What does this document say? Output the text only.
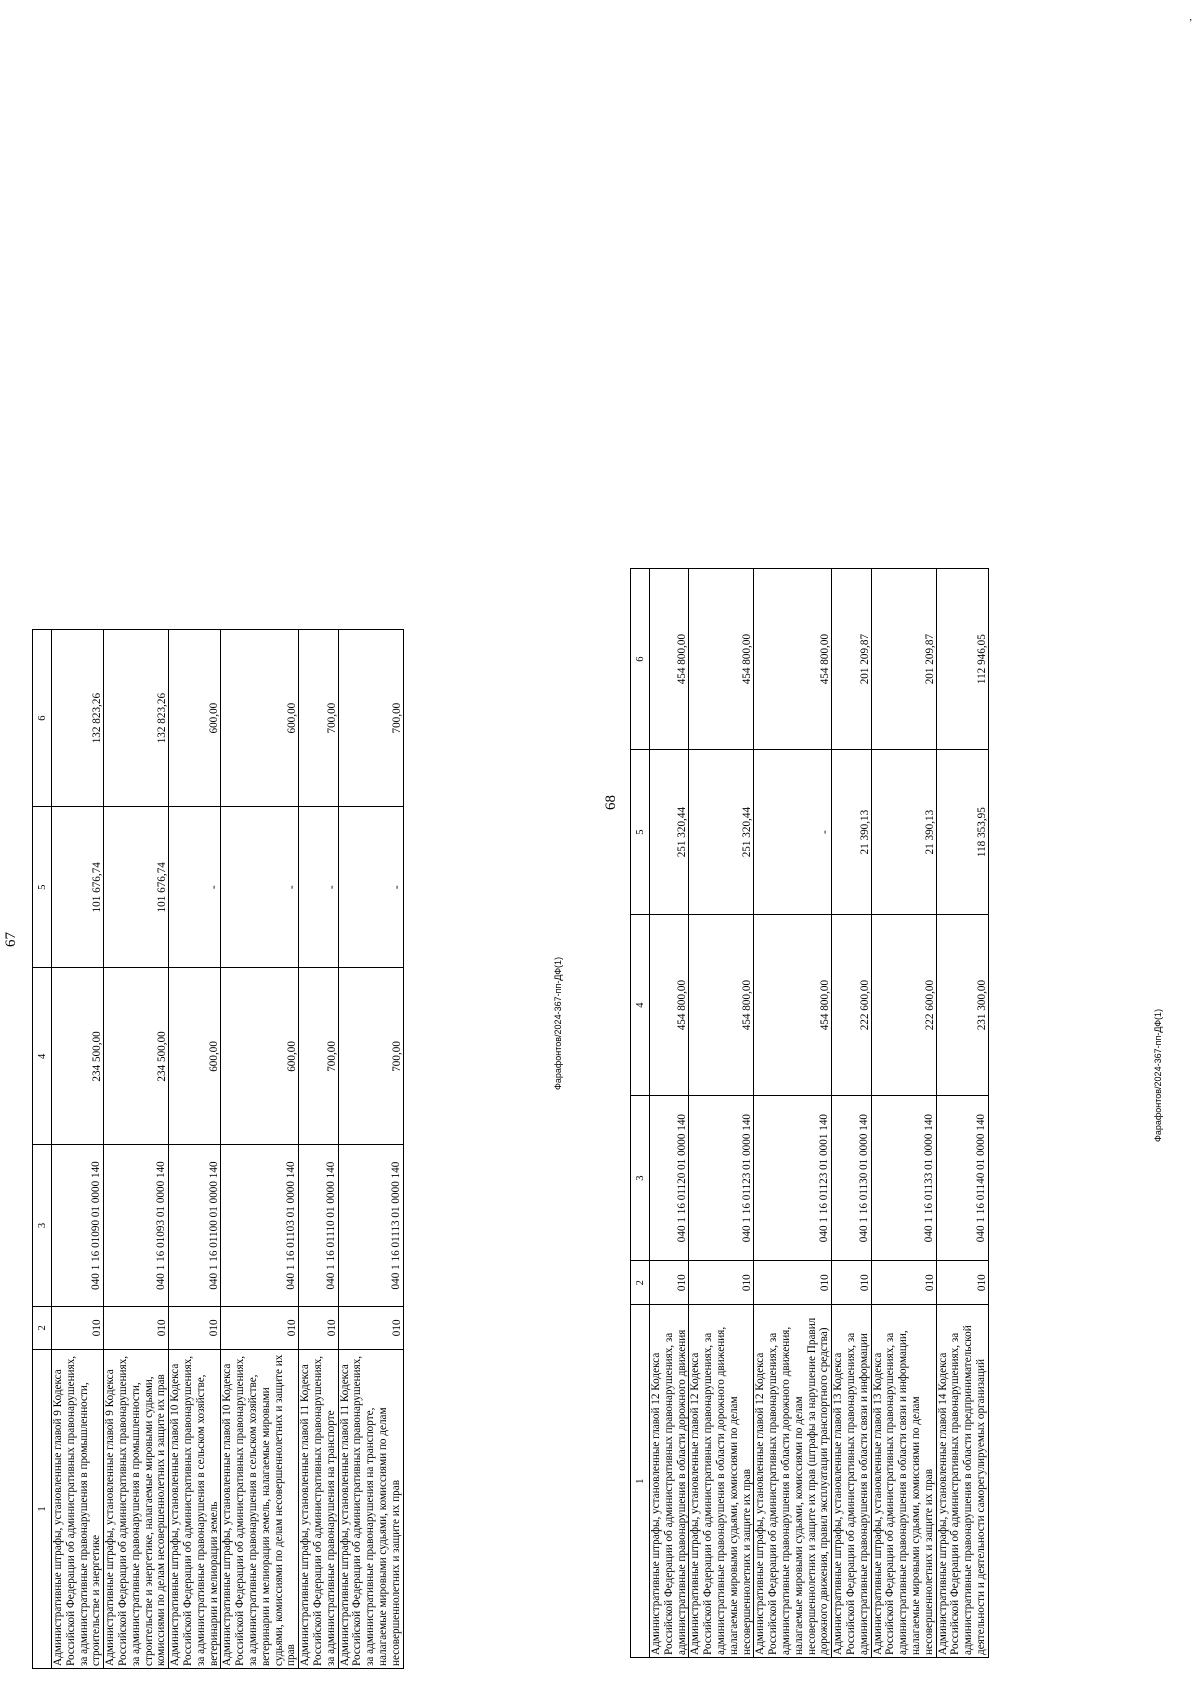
,
67
1	2	3	4	5	6
Административные штрафы, установленные главой 9 Кодекса Российской Федерации об административных правонарушениях, за административные правонарушения в промышленности, строительстве и энергетике	010	040 1 16 01090 01 0000 140	234 500,00	101 676,74	132 823,26
Административные штрафы, установленные главой 9 Кодекса Российской Федерации об административных правонарушениях, за административные правонарушения в промышленности, строительстве и энергетике, налагаемые мировыми судьями, комиссиями по делам несовершеннолетних и защите их прав	010	040 1 16 01093 01 0000 140	234 500,00	101 676,74	132 823,26
Административные штрафы, установленные главой 10 Кодекса Российской Федерации об административных правонарушениях, за административные правонарушения в сельском хозяйстве, ветеринарии и мелиорации земель	010	040 1 16 01100 01 0000 140	600,00	-	600,00
Административные штрафы, установленные главой 10 Кодекса Российской Федерации об административных правонарушениях, за административные правонарушения в сельском хозяйстве, ветеринарии и мелиорации земель, налагаемые мировыми судьями, комиссиями по делам несовершеннолетних и защите их прав	010	040 1 16 01103 01 0000 140	600,00	-	600,00
Административные штрафы, установленные главой 11 Кодекса Российской Федерации об административных правонарушениях, за административные правонарушения на транспорте	010	040 1 16 01110 01 0000 140	700,00	-	700,00
Административные штрафы, установленные главой 11 Кодекса Российской Федерации об административных правонарушениях, за административные правонарушения на транспорте, налагаемые мировыми судьями, комиссиями по делам несовершеннолетних и защите их прав	010	040 1 16 01113 01 0000 140	700,00	-	700,00
Фарафонтов/2024-367-пп-ДФ(1)
68
1	2	3	4	5	6
Административные штрафы, установленные главой 12 Кодекса Российской Федерации об административных правонарушениях, за административные правонарушения в области дорожного движения	010	040 1 16 01120 01 0000 140	454 800,00	251 320,44	454 800,00
Административные штрафы, установленные главой 12 Кодекса Российской Федерации об административных правонарушениях, за административные правонарушения в области дорожного движения, налагаемые мировыми судьями, комиссиями по делам несовершеннолетних и защите их прав	010	040 1 16 01123 01 0000 140	454 800,00	251 320,44	454 800,00
Административные штрафы, установленные главой 12 Кодекса Российской Федерации об административных правонарушениях, за административные правонарушения в области дорожного движения, налагаемые мировыми судьями, комиссиями по делам несовершеннолетних и защите их прав (штрафы за нарушение Правил дорожного движения, правил эксплуатации транспортного средства)	010	040 1 16 01123 01 0001 140	454 800,00	-	454 800,00
Административные штрафы, установленные главой 13 Кодекса Российской Федерации об административных правонарушениях, за административные правонарушения в области связи и информации	010	040 1 16 01130 01 0000 140	222 600,00	21 390,13	201 209,87
Административные штрафы, установленные главой 13 Кодекса Российской Федерации об административных правонарушениях, за административные правонарушения в области связи и информации, налагаемые мировыми судьями, комиссиями по делам несовершеннолетних и защите их прав	010	040 1 16 01133 01 0000 140	222 600,00	21 390,13	201 209,87
Административные штрафы, установленные главой 14 Кодекса Российской Федерации об административных правонарушениях, за административные правонарушения в области предпринимательской деятельности и деятельности саморегулируемых организаций	010	040 1 16 01140 01 0000 140	231 300,00	118 353,95	112 946,05
Фарафонтов/2024-367-пп-ДФ(1)
